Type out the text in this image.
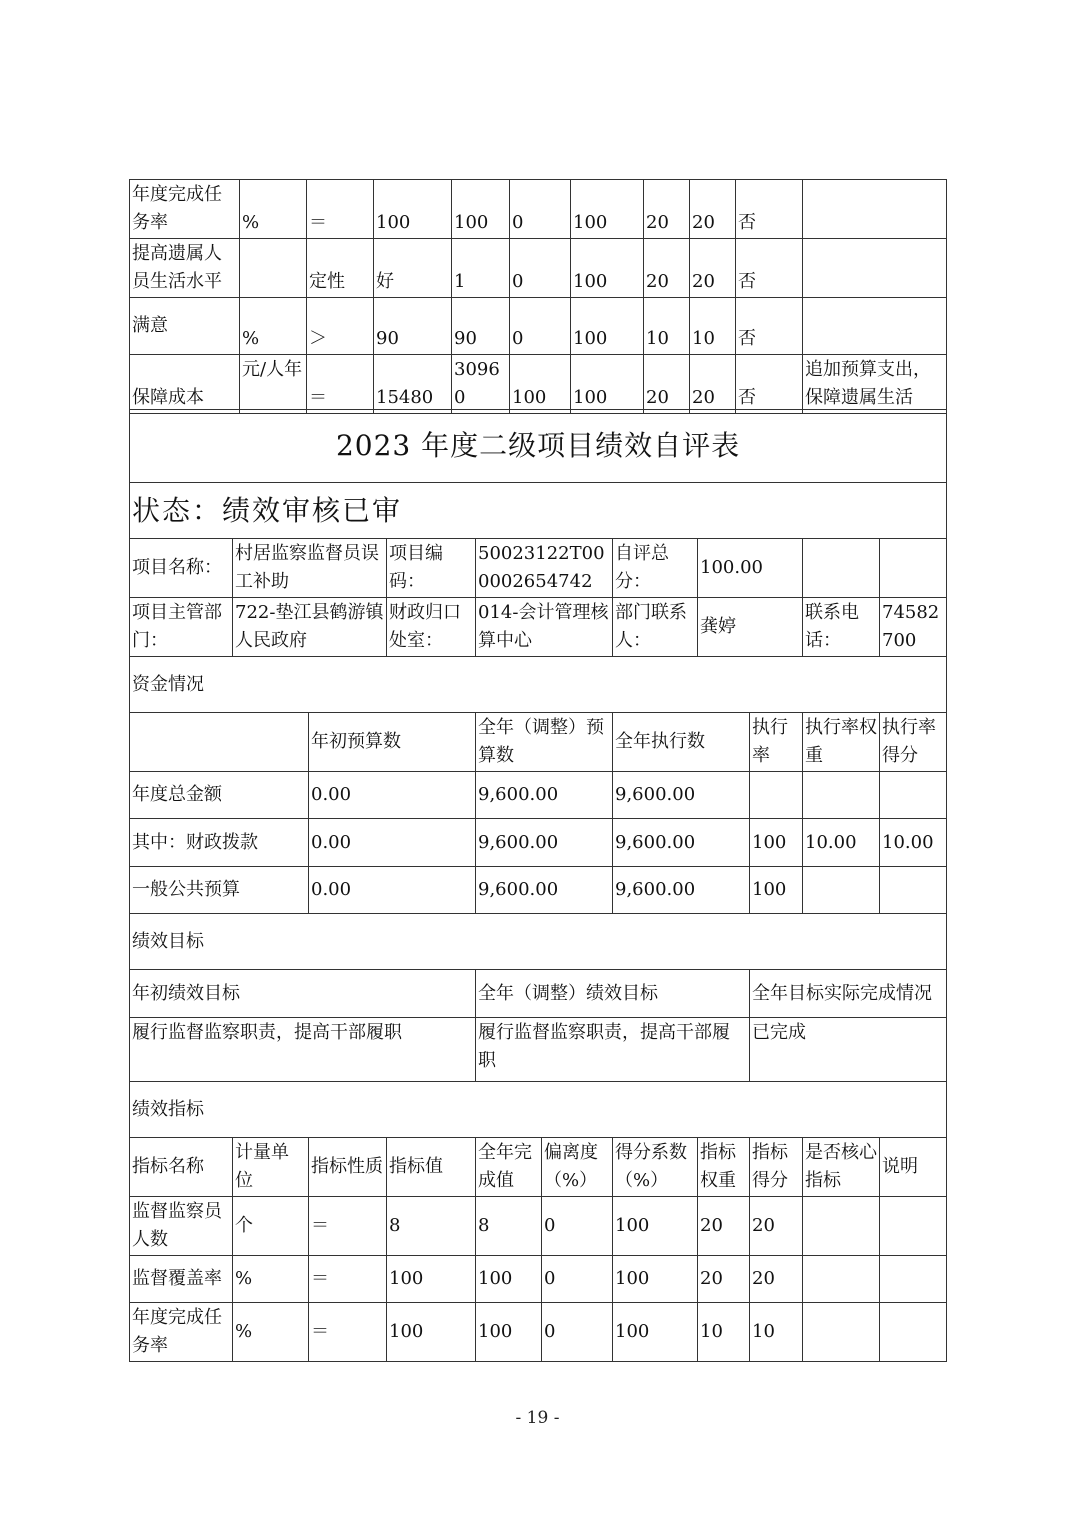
年度完成任务率	%	＝	100	100	0	100	20	20	否	
提高遗属人员生活水平		定性	好	1	0	100	20	20	否	
满意	%	＞	90	90	0	100	10	10	否	
保障成本	元/人年	＝	15480	30960	100	100	20	20	否	追加预算支出，保障遗属生活
2023 年度二级项目绩效自评表										
状态：绩效审核已审										
项目名称：	村居监察监督员误工补助		项目编码：	50023122T000002654742		自评总分：	100.00			
项目主管部门：	722-垫江县鹤游镇人民政府		财政归口处室：	014-会计管理核算中心		部门联系人：	龚婷		联系电话：	74582700
资金情况										
		年初预算数		全年（调整）预算数		全年执行数		执行率	执行率权重	执行率得分
年度总金额		0.00		9,600.00		9,600.00				
其中：财政拨款		0.00		9,600.00		9,600.00		100	10.00	10.00
一般公共预算		0.00		9,600.00		9,600.00		100		
绩效目标										
年初绩效目标				全年（调整）绩效目标				全年目标实际完成情况		
履行监督监察职责，提高干部履职				履行监督监察职责，提高干部履职				已完成		
绩效指标										
指标名称	计量单位	指标性质	指标值	全年完成值	偏离度（%）	得分系数（%）	指标权重	指标得分	是否核心指标	说明
监督监察员人数	个	＝	8	8	0	100	20	20		
监督覆盖率	%	＝	100	100	0	100	20	20		
年度完成任务率	%	＝	100	100	0	100	10	10		
- 19 -
